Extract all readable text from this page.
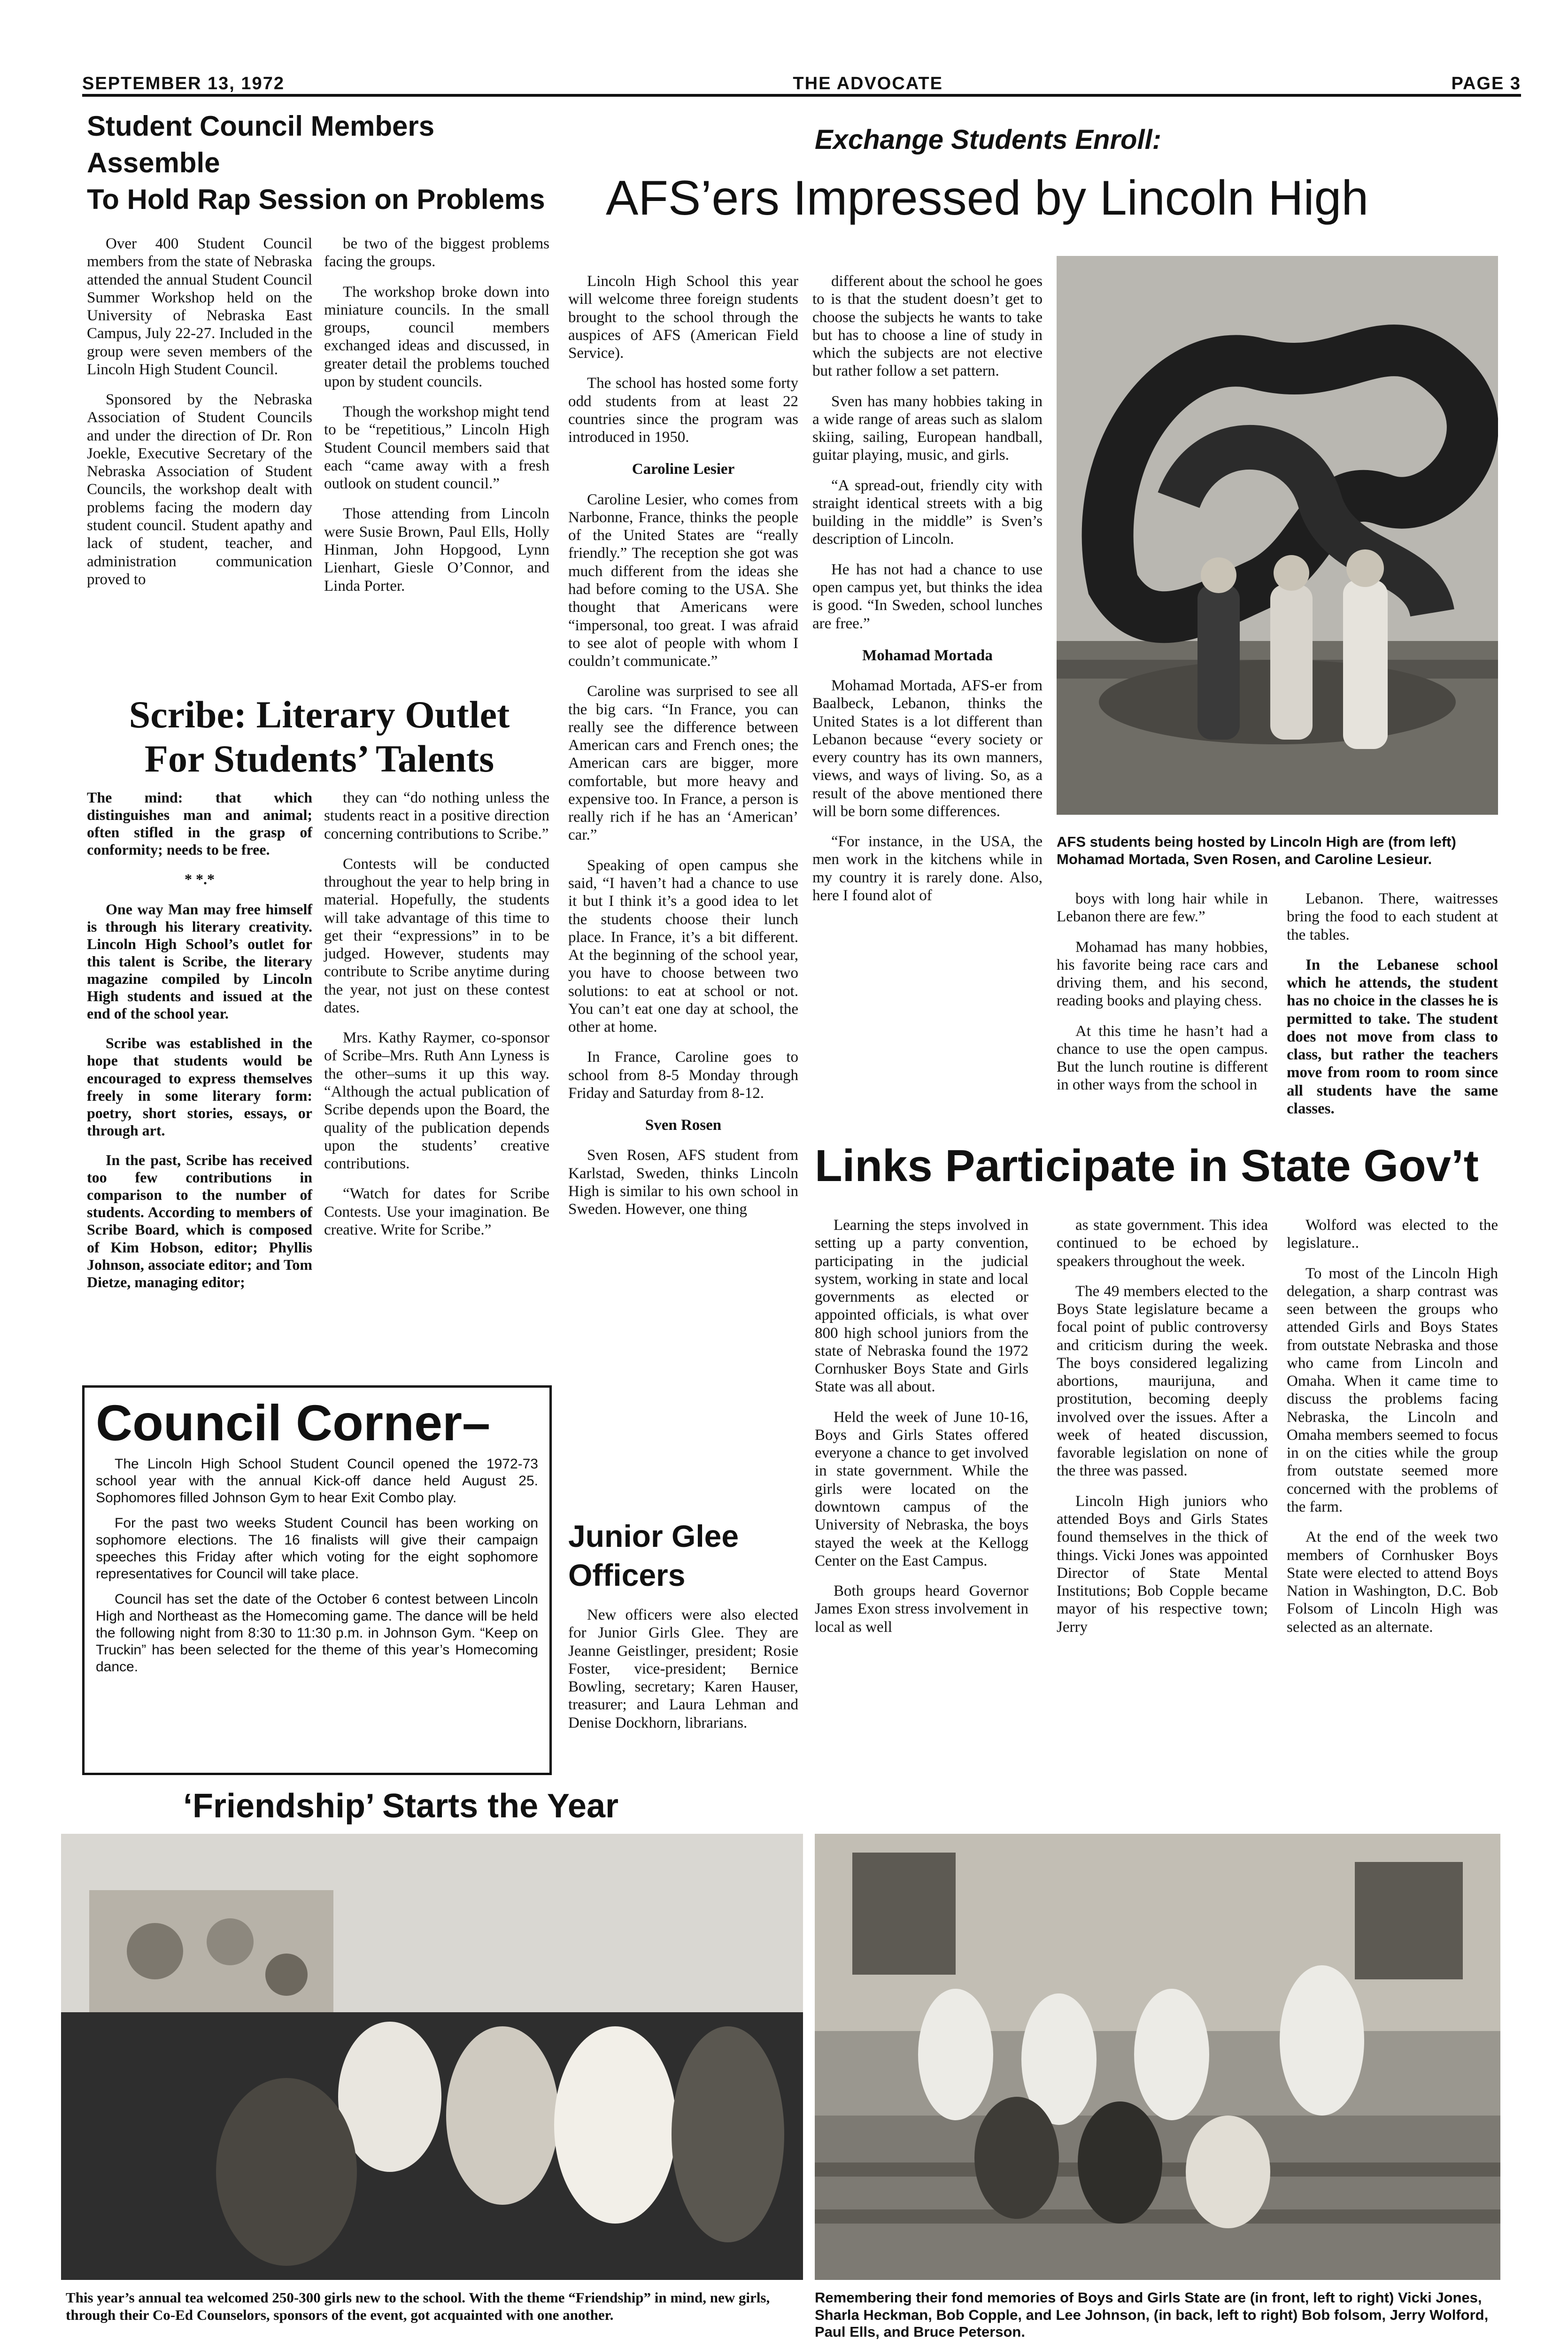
SEPTEMBER 13, 1972	THE ADVOCATE	PAGE 3
Student Council Members Assemble
To Hold Rap Session on Problems

Over 400 Student Council members from the state of Nebraska attended the annual Student Council Summer Workshop held on the University of Nebraska East Campus, July 22-27. Included in the group were seven members of the Lincoln High Student Council.

Sponsored by the Nebraska Association of Student Councils and under the direction of Dr. Ron Joekle, Executive Secretary of the Nebraska Association of Student Councils, the workshop dealt with problems facing the modern day student council. Student apathy and lack of student, teacher, and administration communication proved to

be two of the biggest problems facing the groups.

The workshop broke down into miniature councils. In the small groups, council members exchanged ideas and discussed, in greater detail the problems touched upon by student councils.

Though the workshop might tend to be “repetitious,” Lincoln High Student Council members said that each “came away with a fresh outlook on student council.”

Those attending from Lincoln were Susie Brown, Paul Ells, Holly Hinman, John Hopgood, Lynn Lienhart, Giesle O’Connor, and Linda Porter.

Scribe: Literary Outlet
For Students’ Talents

The mind: that which distinguishes man and animal; often stifled in the grasp of conformity; needs to be free.

* *.*

One way Man may free himself is through his literary creativity. Lincoln High School’s outlet for this talent is Scribe, the literary magazine compiled by Lincoln High students and issued at the end of the school year.

Scribe was established in the hope that students would be encouraged to express themselves freely in some literary form: poetry, short stories, essays, or through art.

In the past, Scribe has received too few contributions in comparison to the number of students. According to members of Scribe Board, which is composed of Kim Hobson, editor; Phyllis Johnson, associate editor; and Tom Dietze, managing editor;

they can “do nothing unless the students react in a positive direction concerning contributions to Scribe.”

Contests will be conducted throughout the year to help bring in material. Hopefully, the students will take advantage of this time to get their “expressions” in to be judged. However, students may contribute to Scribe anytime during the year, not just on these contest dates.

Mrs. Kathy Raymer, co-sponsor of Scribe–Mrs. Ruth Ann Lyness is the other–sums it up this way. “Although the actual publication of Scribe depends upon the Board, the quality of the publication depends upon the students’ creative contributions.

“Watch for dates for Scribe Contests. Use your imagination. Be creative. Write for Scribe.”

Council Corner–

The Lincoln High School Student Council opened the 1972-73 school year with the annual Kick-off dance held August 25. Sophomores filled Johnson Gym to hear Exit Combo play.

For the past two weeks Student Council has been working on sophomore elections. The 16 finalists will give their campaign speeches this Friday after which voting for the eight sophomore representatives for Council will take place.

Council has set the date of the October 6 contest between Lincoln High and Northeast as the Homecoming game. The dance will be held the following night from 8:30 to 11:30 p.m. in Johnson Gym. “Keep on Truckin” has been selected for the theme of this year’s Homecoming dance.

Exchange Students Enroll:
AFS’ers Impressed by Lincoln High

Lincoln High School this year will welcome three foreign students brought to the school through the auspices of AFS (American Field Service).

The school has hosted some forty odd students from at least 22 countries since the program was introduced in 1950.

Caroline Lesier

Caroline Lesier, who comes from Narbonne, France, thinks the people of the United States are “really friendly.” The reception she got was much different from the ideas she had before coming to the USA. She thought that Americans were “impersonal, too great. I was afraid to see alot of people with whom I couldn’t communicate.”

Caroline was surprised to see all the big cars. “In France, you can really see the difference between American cars and French ones; the American cars are bigger, more comfortable, but more heavy and expensive too. In France, a person is really rich if he has an ‘American’ car.”

Speaking of open campus she said, “I haven’t had a chance to use it but I think it’s a good idea to let the students choose their lunch place. In France, it’s a bit different. At the beginning of the school year, you have to choose between two solutions: to eat at school or not. You can’t eat one day at school, the other at home.

In France, Caroline goes to school from 8-5 Monday through Friday and Saturday from 8-12.

Sven Rosen

Sven Rosen, AFS student from Karlstad, Sweden, thinks Lincoln High is similar to his own school in Sweden. However, one thing

different about the school he goes to is that the student doesn’t get to choose the subjects he wants to take but has to choose a line of study in which the subjects are not elective but rather follow a set pattern.

Sven has many hobbies taking in a wide range of areas such as slalom skiing, sailing, European handball, guitar playing, music, and girls.

“A spread-out, friendly city with straight identical streets with a big building in the middle” is Sven’s description of Lincoln.

He has not had a chance to use open campus yet, but thinks the idea is good. “In Sweden, school lunches are free.”

Mohamad Mortada

Mohamad Mortada, AFS-er from Baalbeck, Lebanon, thinks the United States is a lot different than Lebanon because “every society or every country has its own manners, views, and ways of living. So, as a result of the above mentioned there will be born some differences.

“For instance, in the USA, the men work in the kitchens while in my country it is rarely done. Also, here I found alot of

AFS students being hosted by Lincoln High are (from left) Mohamad Mortada, Sven Rosen, and Caroline Lesieur.

boys with long hair while in Lebanon there are few.”

Mohamad has many hobbies, his favorite being race cars and driving them, and his second, reading books and playing chess.

At this time he hasn’t had a chance to use the open campus. But the lunch routine is different in other ways from the school in

Lebanon. There, waitresses bring the food to each student at the tables.

In the Lebanese school which he attends, the student has no choice in the classes he is permitted to take. The student does not move from class to class, but rather the teachers move from room to room since all students have the same classes.

Links Participate in State Gov’t

Learning the steps involved in setting up a party convention, participating in the judicial system, working in state and local governments as elected or appointed officials, is what over 800 high school juniors from the state of Nebraska found the 1972 Cornhusker Boys State and Girls State was all about.

Held the week of June 10-16, Boys and Girls States offered everyone a chance to get involved in state government. While the girls were located on the downtown campus of the University of Nebraska, the boys stayed the week at the Kellogg Center on the East Campus.

Both groups heard Governor James Exon stress involvement in local as well

as state government. This idea continued to be echoed by speakers throughout the week.

The 49 members elected to the Boys State legislature became a focal point of public controversy and criticism during the week. The boys considered legalizing abortions, maurijuna, and prostitution, becoming deeply involved over the issues. After a week of heated discussion, favorable legislation on none of the three was passed.

Lincoln High juniors who attended Boys and Girls States found themselves in the thick of things. Vicki Jones was appointed Director of State Mental Institutions; Bob Copple became mayor of his respective town; Jerry

Wolford was elected to the legislature..

To most of the Lincoln High delegation, a sharp contrast was seen between the groups who attended Girls and Boys States from outstate Nebraska and those who came from Lincoln and Omaha. When it came time to discuss the problems facing Nebraska, the Lincoln and Omaha members seemed to focus in on the cities while the group from outstate seemed more concerned with the problems of the farm.

At the end of the week two members of Cornhusker Boys State were elected to attend Boys Nation in Washington, D.C. Bob Folsom of Lincoln High was selected as an alternate.

Junior Glee
Officers

New officers were also elected for Junior Girls Glee. They are Jeanne Geistlinger, president; Rosie Foster, vice-president; Bernice Bowling, secretary; Karen Hauser, treasurer; and Laura Lehman and Denise Dockhorn, librarians.

‘Friendship’ Starts the Year
This year’s annual tea welcomed 250-300 girls new to the school. With the theme “Friendship” in mind, new girls, through their Co-Ed Counselors, sponsors of the event, got acquainted with one another.
Remembering their fond memories of Boys and Girls State are (in front, left to right) Vicki Jones, Sharla Heckman, Bob Copple, and Lee Johnson, (in back, left to right) Bob folsom, Jerry Wolford, Paul Ells, and Bruce Peterson.
